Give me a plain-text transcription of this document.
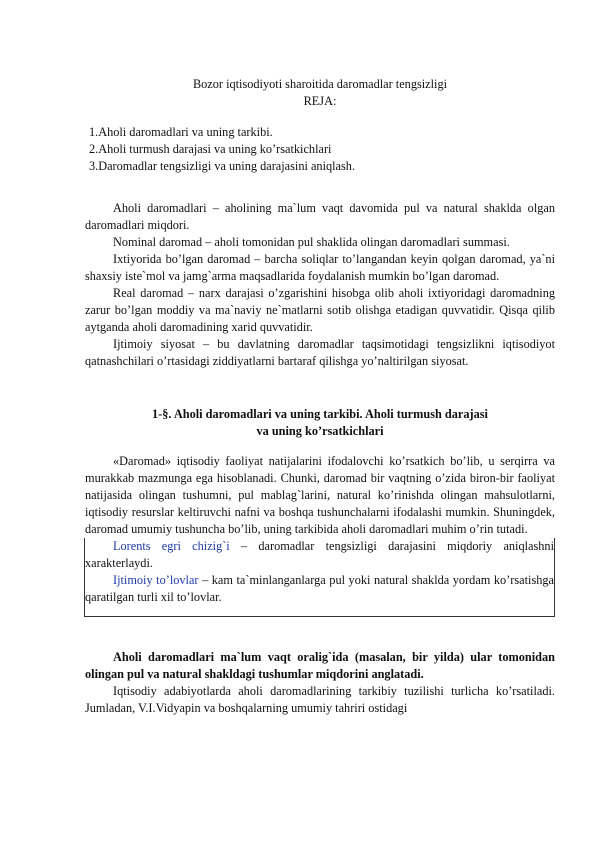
Bozor iqtisodiyoti sharoitida daromadlar tengsizligi
REJA:
1.Aholi daromadlari va uning tarkibi.
2.Aholi turmush darajasi va uning ko’rsatkichlari
3.Daromadlar tengsizligi va uning darajasini aniqlash.
Aholi daromadlari – aholining ma`lum vaqt davomida pul va natural shaklda olgan daromadlari miqdori.
Nominal daromad – aholi tomonidan pul shaklida olingan daromadlari summasi.
Ixtiyorida bo’lgan daromad – barcha soliqlar to’langandan keyin qolgan daromad, ya`ni shaxsiy iste`mol va jamg`arma maqsadlarida foydalanish mumkin bo’lgan daromad.
Real daromad – narx darajasi o’zgarishini hisobga olib aholi ixtiyoridagi daromadning zarur bo’lgan moddiy va ma`naviy ne`matlarni sotib olishga etadigan quvvatidir. Qisqa qilib aytganda aholi daromadining xarid quvvatidir.
Ijtimoiy siyosat – bu davlatning daromadlar taqsimotidagi tengsizlikni iqtisodiyot qatnashchilari o’rtasidagi ziddiyatlarni bartaraf qilishga yo’naltirilgan siyosat.
1-§. Aholi daromadlari va uning tarkibi. Aholi turmush darajasi
va uning ko’rsatkichlari
«Daromad» iqtisodiy faoliyat natijalarini ifodalovchi ko’rsatkich bo’lib, u serqirra va murakkab mazmunga ega hisoblanadi. Chunki, daromad bir vaqtning o’zida biron-bir faoliyat natijasida olingan tushumni, pul mablag`larini, natural ko’rinishda olingan mahsulotlarni, iqtisodiy resurslar keltiruvchi nafni va boshqa tushunchalarni ifodalashi mumkin. Shuningdek, daromad umumiy tushuncha bo’lib, uning tarkibida aholi daromadlari muhim o’rin tutadi.
Lorents egri chizig`i – daromadlar tengsizligi darajasini miqdoriy aniqlashni xarakterlaydi.
Ijtimoiy to’lovlar – kam ta`minlanganlarga pul yoki natural shaklda yordam ko’rsatishga qaratilgan turli xil to’lovlar.
Aholi daromadlari ma`lum vaqt oralig`ida (masalan, bir yilda) ular tomonidan olingan pul va natural shakldagi tushumlar miqdorini anglatadi.
Iqtisodiy adabiyotlarda aholi daromadlarining tarkibiy tuzilishi turlicha ko’rsatiladi. Jumladan, V.I.Vidyapin va boshqalarning umumiy tahriri ostidagi
